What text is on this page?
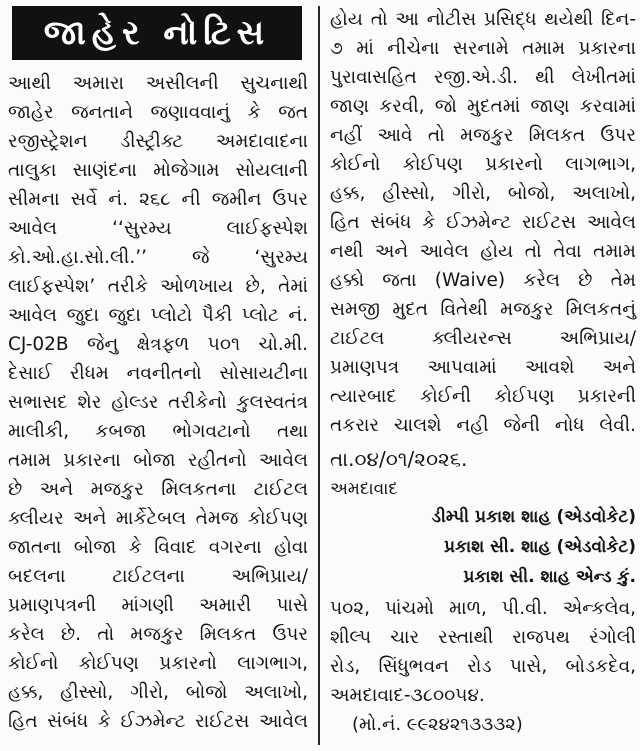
જાહેર નોટિસ
આથી અમારા અસીલની સુચનાથી
જાહેર જનતાને જણાવવાનું કે જત
રજીસ્ટ્રેશન ડીસ્ટ્રીક્ટ અમદાવાદના
તાલુકા સાણંદના મોજેગામ સોયલાની
સીમના સર્વે નં. ૨૬૮ ની જમીન ઉપર
આવેલ ‘‘સુરમ્ય લાઈફસ્પેશ
કો.ઓ.હા.સો.લી.’’ જે ‘સુરમ્ય
લાઈફસ્પેશ’ તરીકે ઓળખાય છે, તેમાં
આવેલ જુદા જુદા પ્લોટો પૈકી પ્લોટ નં.
CJ-02B જેનુ ક્ષેત્રફળ ૫૦૧ ચો.મી.
દેસાઈ રીધમ નવનીતનો સોસાયટીના
સભાસદ શેર હોલ્ડર તરીકેનો કુલસ્વતંત્ર
માલીકી, કબજા ભોગવટાનો તથા
તમામ પ્રકારના બોજા રહીતનો આવેલ
છે અને મજકુર મિલકતના ટાઈટલ
ક્લીયર અને માર્કેટેબલ તેમજ કોઈપણ
જાતના બોજા કે વિવાદ વગરના હોવા
બદલના ટાઈટલના અભિપ્રાય/
પ્રમાણપત્રની માંગણી અમારી પાસે
કરેલ છે. તો મજકુર મિલકત ઉપર
કોઈનો કોઈપણ પ્રકારનો લાગભાગ,
હક્ક, હીસ્સો, ગીરો, બોજો અલાખો,
હિત સંબંધ કે ઈઝમેન્ટ રાઈટસ આવેલ
હોય તો આ નોટીસ પ્રસિદ્ધ થયેથી દિન-
૭ માં નીચેના સરનામે તમામ પ્રકારના
પુરાવાસહિત રજી.એ.ડી. થી લેખીતમાં
જાણ કરવી, જો મુદતમાં જાણ કરવામાં
નહીં આવે તો મજકુર મિલકત ઉપર
કોઈનો કોઈપણ પ્રકારનો લાગભાગ,
હક્ક, હીસ્સો, ગીરો, બોજો, અલાખો,
હિત સંબંધ કે ઈઝમેન્ટ રાઈટસ આવેલ
નથી અને આવેલ હોય તો તેવા તમામ
હક્કો જતા (Waive) કરેલ છે તેમ
સમજી મુદત વિતેથી મજકુર મિલકતનું
ટાઈટલ ક્લીયરન્સ અભિપ્રાય/
પ્રમાણપત્ર આપવામાં આવશે અને
ત્યારબાદ કોઈની કોઈપણ પ્રકારની
તકરાર ચાલશે નહી જેની નોધ લેવી.
તા.૦૪/૦૧/૨૦૨૬.
અમદાવાદ
ડીમ્પી પ્રકાશ શાહ (એડવોકેટ)
પ્રકાશ સી. શાહ (એડવોકેટ)
પ્રકાશ સી. શાહ એન્ડ કું.
૫૦૨, પાંચમો માળ, પી.વી. એન્કલેવ,
શીલ્પ ચાર રસ્તાથી રાજપથ રંગોલી
રોડ, સિંધુભવન રોડ પાસે, બોડકદેવ,
અમદાવાદ-૩૮૦૦૫૪.
(મો.નં. ૯૯૨૪૨૧૩૩૩૨)
